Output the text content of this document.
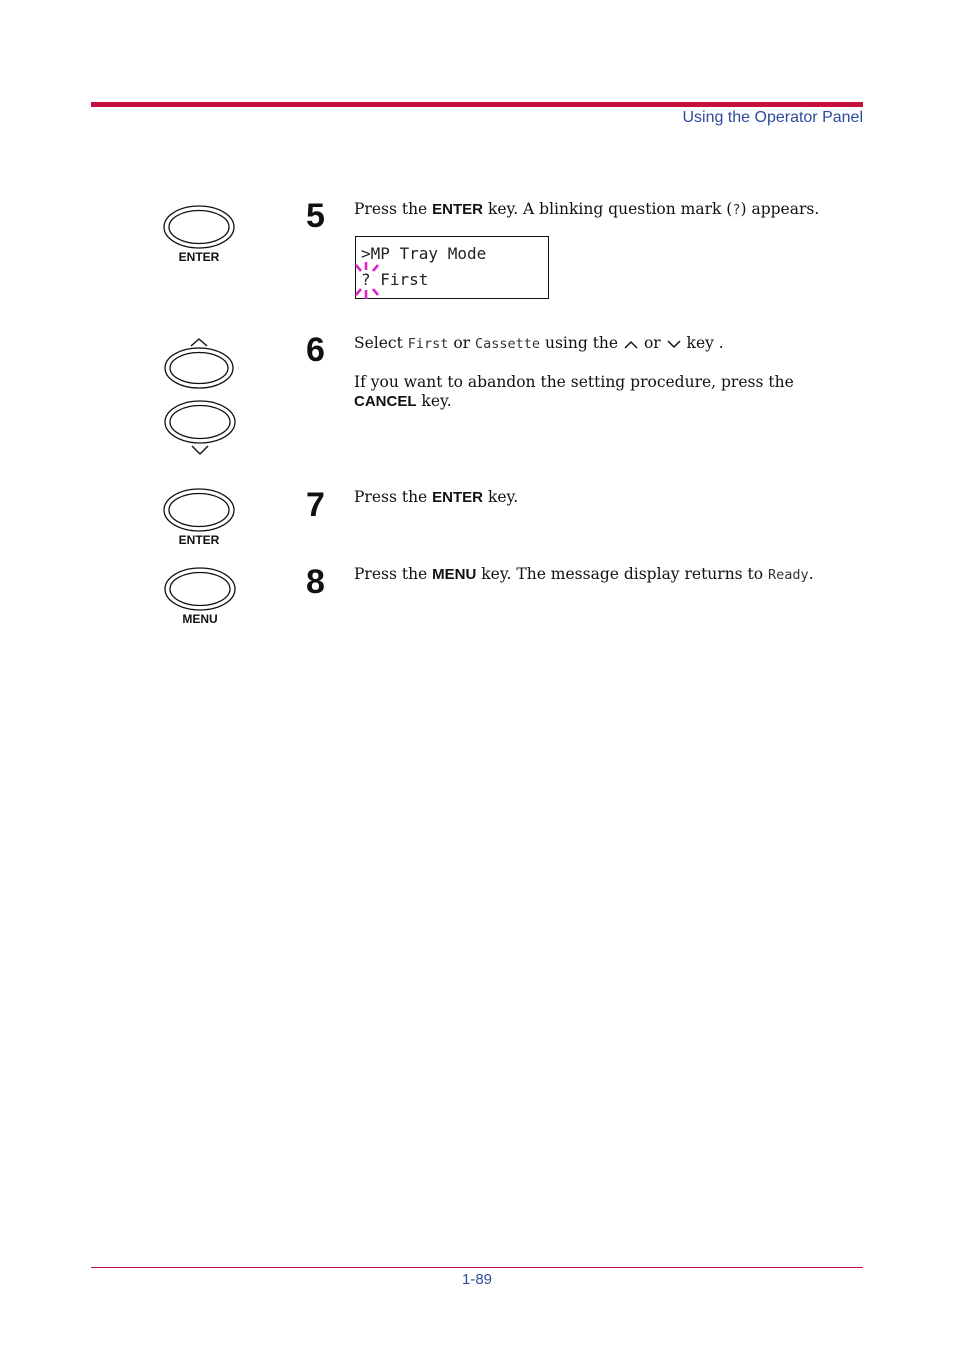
Using the Operator Panel
ENTER
5 Press the ENTER key. A blinking question mark (?) appears.
>MP Tray Mode
? First
6 Select First or Cassette using the  or  key .
If you want to abandon the setting procedure, press the CANCEL key.
ENTER
7 Press the ENTER key.
MENU
8 Press the MENU key. The message display returns to Ready.
1-89
